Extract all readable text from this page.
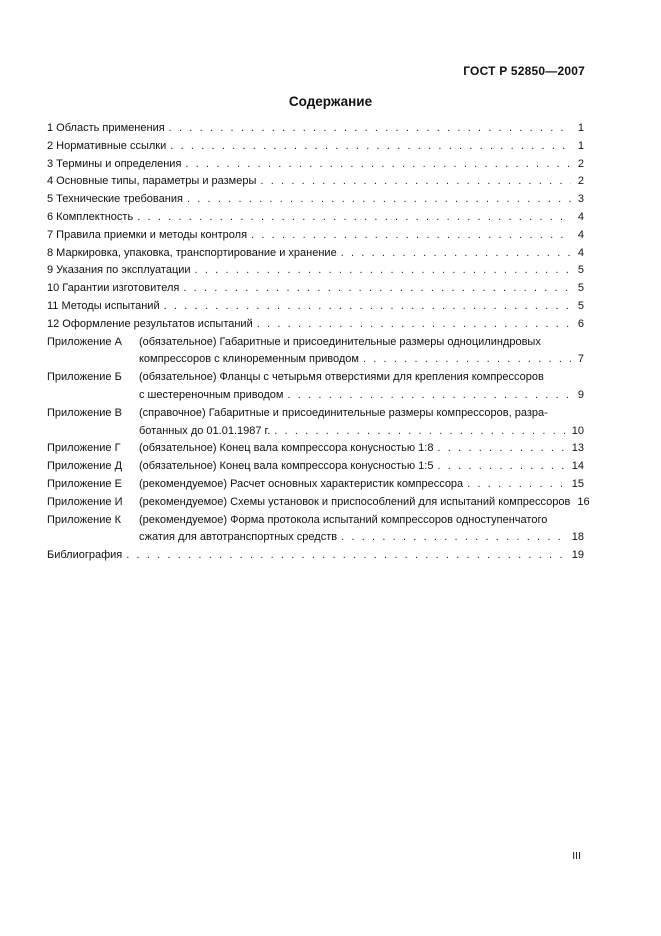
ГОСТ Р 52850—2007
Содержание
1 Область применения . . .	1
2 Нормативные ссылки . . .	1
3 Термины и определения . . .	2
4 Основные типы, параметры и размеры . . .	2
5 Технические требования . . .	3
6 Комплектность . . .	4
7 Правила приемки и методы контроля . . .	4
8 Маркировка, упаковка, транспортирование и хранение . . .	4
9 Указания по эксплуатации . . .	5
10 Гарантии изготовителя . . .	5
11 Методы испытаний . . .	5
12 Оформление результатов испытаний . . .	6
Приложение А (обязательное) Габаритные и присоединительные размеры одноцилиндровых
компрессоров с клиноременным приводом . . .	7
Приложение Б (обязательное) Фланцы с четырьмя отверстиями для крепления компрессоров
с шестереночным приводом . . .	9
Приложение В (справочное) Габаритные и присоединительные размеры компрессоров, разра-
ботанных до 01.01.1987 г. . . .	10
Приложение Г (обязательное) Конец вала компрессора конусностью 1:8 . . .	13
Приложение Д (обязательное) Конец вала компрессора конусностью 1:5 . . .	14
Приложение Е (рекомендуемое) Расчет основных характеристик компрессора . . .	15
Приложение И (рекомендуемое) Схемы установок и приспособлений для испытаний компрессоров 16
Приложение К (рекомендуемое) Форма протокола испытаний компрессоров одноступенчатого
сжатия для автотранспортных средств . . .	18
Библиография . . .	19
III
